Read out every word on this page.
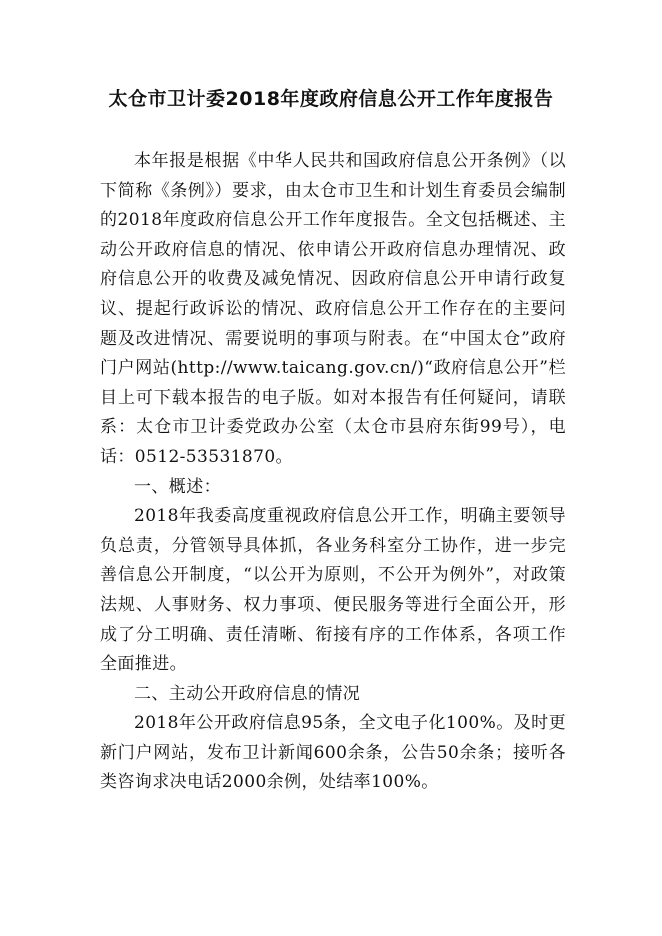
太仓市卫计委2018年度政府信息公开工作年度报告

本年报是根据《中华人民共和国政府信息公开条例》（以下简称《条例》）要求，由太仓市卫生和计划生育委员会编制的2018年度政府信息公开工作年度报告。全文包括概述、主动公开政府信息的情况、依申请公开政府信息办理情况、政府信息公开的收费及减免情况、因政府信息公开申请行政复议、提起行政诉讼的情况、政府信息公开工作存在的主要问题及改进情况、需要说明的事项与附表。在“中国太仓”政府门户网站(http://www.taicang.gov.cn/)“政府信息公开”栏目上可下载本报告的电子版。如对本报告有任何疑问，请联系：太仓市卫计委党政办公室（太仓市县府东街99号），电话：0512-53531870。

一、概述：

2018年我委高度重视政府信息公开工作，明确主要领导负总责，分管领导具体抓，各业务科室分工协作，进一步完善信息公开制度，“以公开为原则，不公开为例外”，对政策法规、人事财务、权力事项、便民服务等进行全面公开，形成了分工明确、责任清晰、衔接有序的工作体系，各项工作全面推进。

二、主动公开政府信息的情况

2018年公开政府信息95条，全文电子化100%。及时更新门户网站，发布卫计新闻600余条，公告50余条；接听各类咨询求决电话2000余例，处结率100%。
